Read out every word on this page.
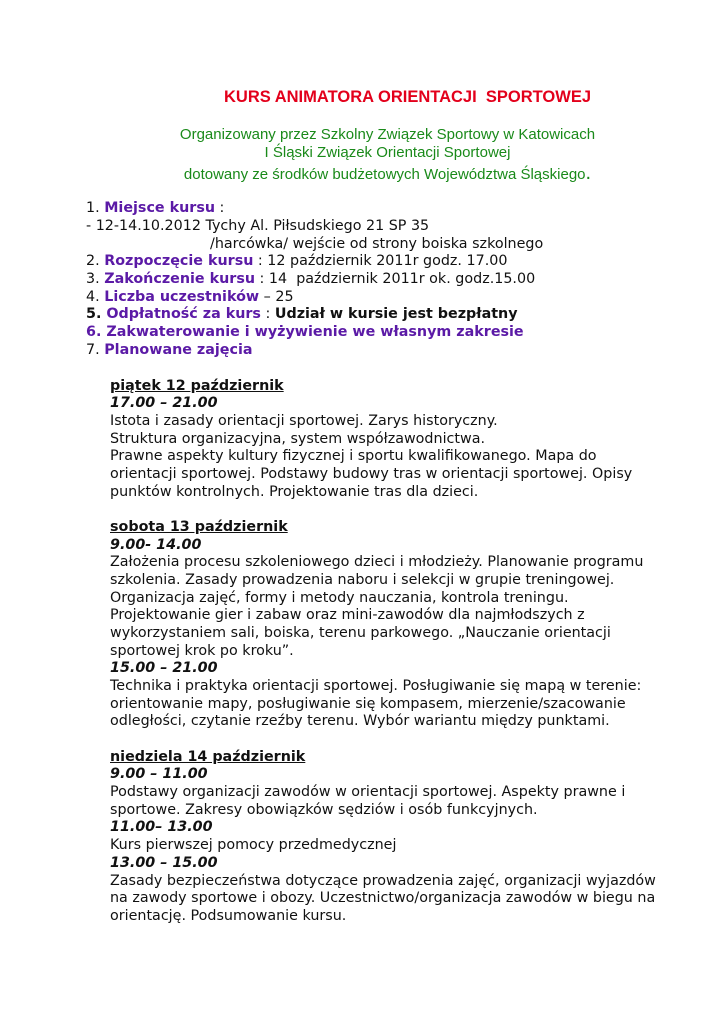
KURS ANIMATORA ORIENTACJI  SPORTOWEJ
Organizowany przez Szkolny Związek Sportowy w Katowicach
I Śląski Związek Orientacji Sportowej
dotowany ze środków budżetowych Województwa Śląskiego.
1. Miejsce kursu :
- 12-14.10.2012 Tychy Al. Piłsudskiego 21 SP 35
/harcówka/ wejście od strony boiska szkolnego
2. Rozpoczęcie kursu : 12 październik 2011r godz. 17.00
3. Zakończenie kursu : 14  październik 2011r ok. godz.15.00
4. Liczba uczestników – 25
5. Odpłatność za kurs : Udział w kursie jest bezpłatny
6. Zakwaterowanie i wyżywienie we własnym zakresie
7. Planowane zajęcia
piątek 12 październik
17.00 – 21.00
Istota i zasady orientacji sportowej. Zarys historyczny.
Struktura organizacyjna, system współzawodnictwa.
Prawne aspekty kultury fizycznej i sportu kwalifikowanego. Mapa do
orientacji sportowej. Podstawy budowy tras w orientacji sportowej. Opisy
punktów kontrolnych. Projektowanie tras dla dzieci.
sobota 13 październik
9.00- 14.00
Założenia procesu szkoleniowego dzieci i młodzieży. Planowanie programu
szkolenia. Zasady prowadzenia naboru i selekcji w grupie treningowej.
Organizacja zajęć, formy i metody nauczania, kontrola treningu.
Projektowanie gier i zabaw oraz mini-zawodów dla najmłodszych z
wykorzystaniem sali, boiska, terenu parkowego. „Nauczanie orientacji
sportowej krok po kroku”.
15.00 – 21.00
Technika i praktyka orientacji sportowej. Posługiwanie się mapą w terenie:
orientowanie mapy, posługiwanie się kompasem, mierzenie/szacowanie
odległości, czytanie rzeźby terenu. Wybór wariantu między punktami.
niedziela 14 październik
9.00 – 11.00
Podstawy organizacji zawodów w orientacji sportowej. Aspekty prawne i
sportowe. Zakresy obowiązków sędziów i osób funkcyjnych.
11.00– 13.00
Kurs pierwszej pomocy przedmedycznej
13.00 – 15.00
Zasady bezpieczeństwa dotyczące prowadzenia zajęć, organizacji wyjazdów
na zawody sportowe i obozy. Uczestnictwo/organizacja zawodów w biegu na
orientację. Podsumowanie kursu.
